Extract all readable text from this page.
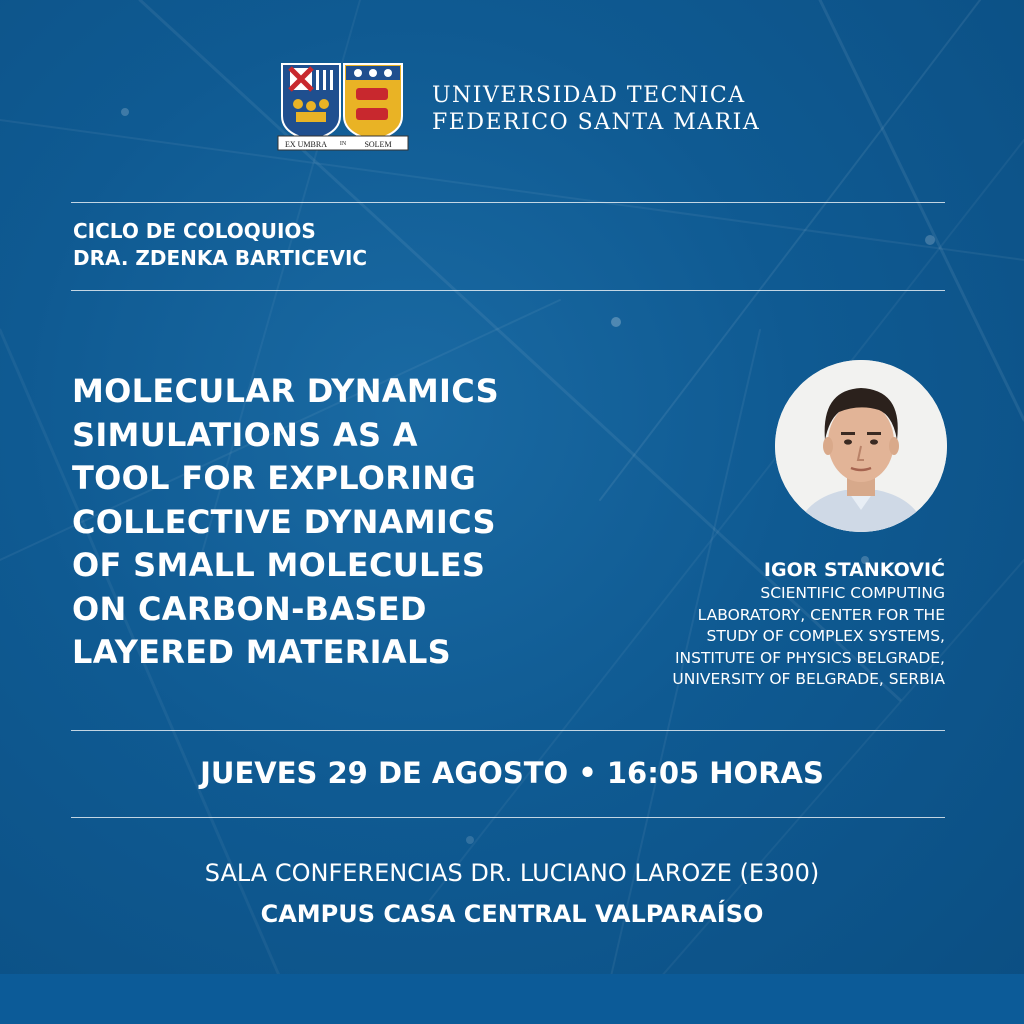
EX UMBRA IN SOLEM
UNIVERSIDAD TECNICA
FEDERICO SANTA MARIA
CICLO DE COLOQUIOS
DRA. ZDENKA BARTICEVIC
MOLECULAR DYNAMICS
SIMULATIONS AS A
TOOL FOR EXPLORING
COLLECTIVE DYNAMICS
OF SMALL MOLECULES
ON CARBON-BASED
LAYERED MATERIALS
IGOR STANKOVIĆ
SCIENTIFIC COMPUTING
LABORATORY, CENTER FOR THE
STUDY OF COMPLEX SYSTEMS,
INSTITUTE OF PHYSICS BELGRADE,
UNIVERSITY OF BELGRADE, SERBIA
JUEVES 29 DE AGOSTO • 16:05 HORAS
SALA CONFERENCIAS DR. LUCIANO LAROZE (E300)
CAMPUS CASA CENTRAL VALPARAÍSO
